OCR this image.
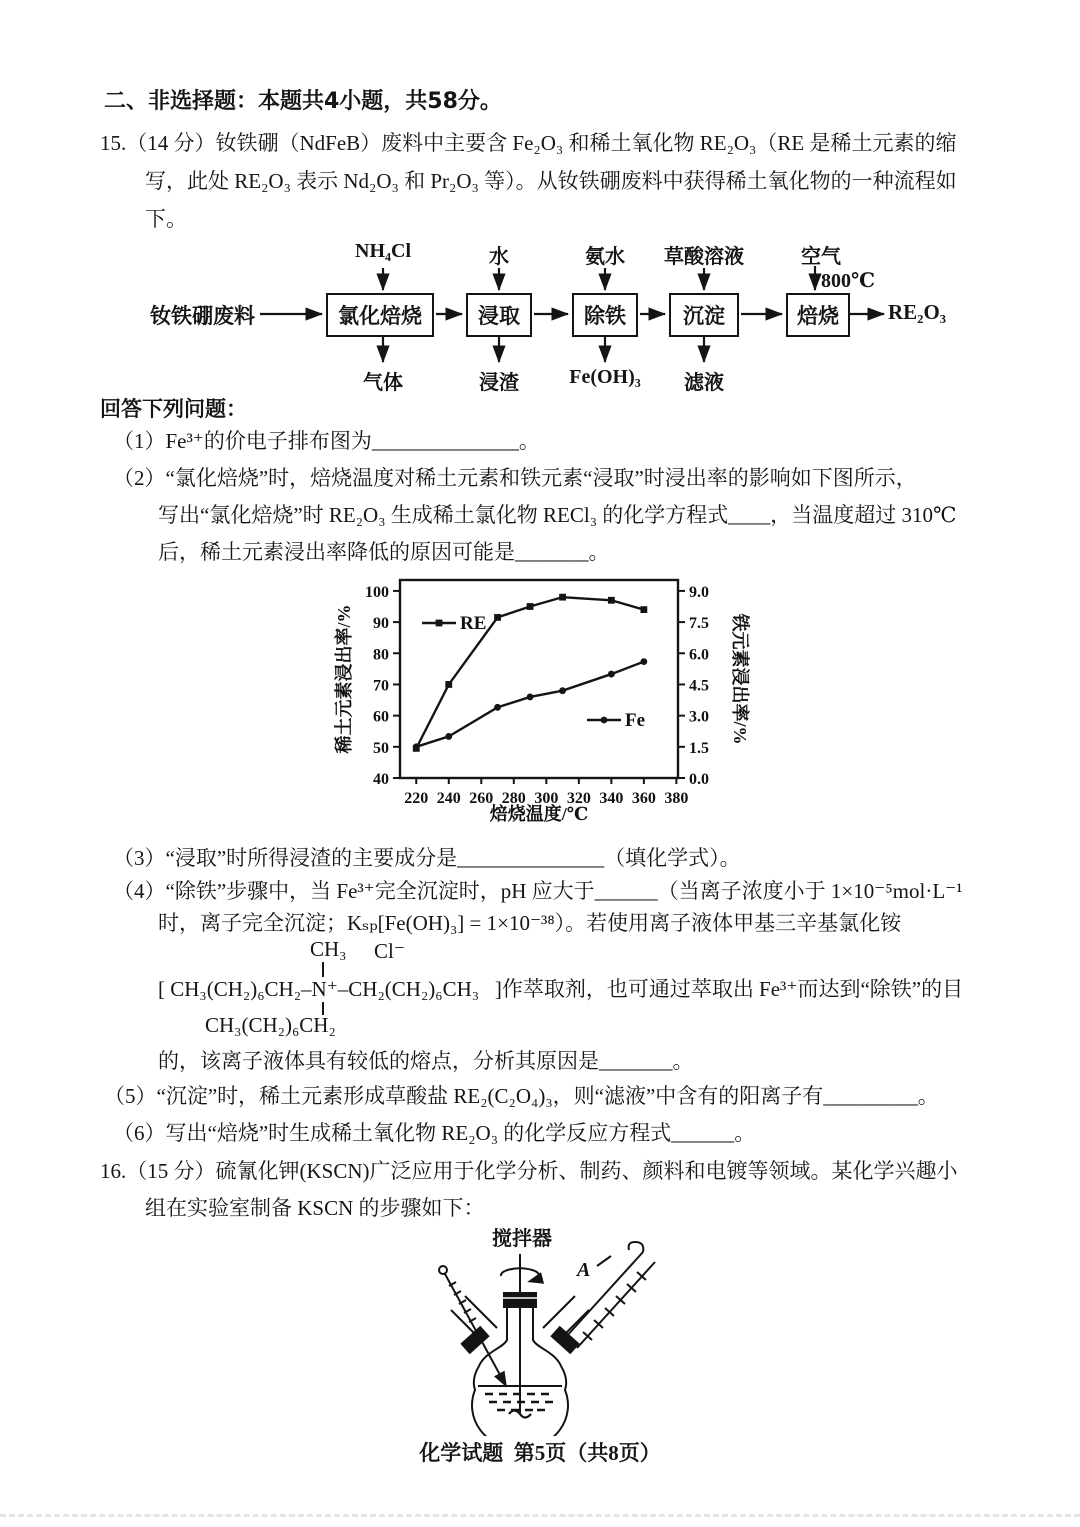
二、非选择题：本题共4小题，共58分。
15.（14 分）钕铁硼（NdFeB）废料中主要含 Fe₂O₃ 和稀土氧化物 RE₂O₃（RE 是稀土元素的缩
写，此处 RE₂O₃ 表示 Nd₂O₃ 和 Pr₂O₃ 等）。从钕铁硼废料中获得稀土氧化物的一种流程如
下。
钕铁硼废料	氯化焙烧	浸取	除铁	沉淀	焙烧
NH₄Cl	水	氨水 草酸溶液	空气
800℃
气体	浸渣	Fe(OH)₃ 滤液
RE₂O₃
回答下列问题：
（1）Fe³⁺的价电子排布图为______________。
（2）“氯化焙烧”时，焙烧温度对稀土元素和铁元素“浸取”时浸出率的影响如下图所示，
写出“氯化焙烧”时 RE₂O₃ 生成稀土氯化物 RECl₃ 的化学方程式____，当温度超过 310℃
后，稀土元素浸出率降低的原因可能是_______。
220 240 260 280 300 320 340 360 380
40
50
60
70
80
90
100
0.0
1.5
3.0
4.5
6.0
7.5
9.0
RE
Fe
焙烧温度/℃
稀土元素浸出率/%	铁元素浸出率/%
（3）“浸取”时所得浸渣的主要成分是______________（填化学式）。
（4）“除铁”步骤中，当 Fe³⁺完全沉淀时，pH 应大于______（当离子浓度小于 1×10⁻⁵mol·L⁻¹
时，离子完全沉淀；Kₛₚ[Fe(OH)₃] = 1×10⁻³⁸）。若使用离子液体甲基三辛基氯化铵
CH₃ Cl⁻
[ CH₃(CH₂)₆CH₂–N⁺–CH₂(CH₂)₆CH₃   ]作萃取剂，也可通过萃取出 Fe³⁺而达到“除铁”的目
CH₃(CH₂)₆CH₂
的，该离子液体具有较低的熔点，分析其原因是_______。
（5）“沉淀”时，稀土元素形成草酸盐 RE₂(C₂O₄)₃，则“滤液”中含有的阳离子有_________。
（6）写出“焙烧”时生成稀土氧化物 RE₂O₃ 的化学反应方程式______。
16.（15 分）硫氰化钾(KSCN)广泛应用于化学分析、制药、颜料和电镀等领域。某化学兴趣小
组在实验室制备 KSCN 的步骤如下：
搅拌器
A
化学试题  第5页（共8页）
